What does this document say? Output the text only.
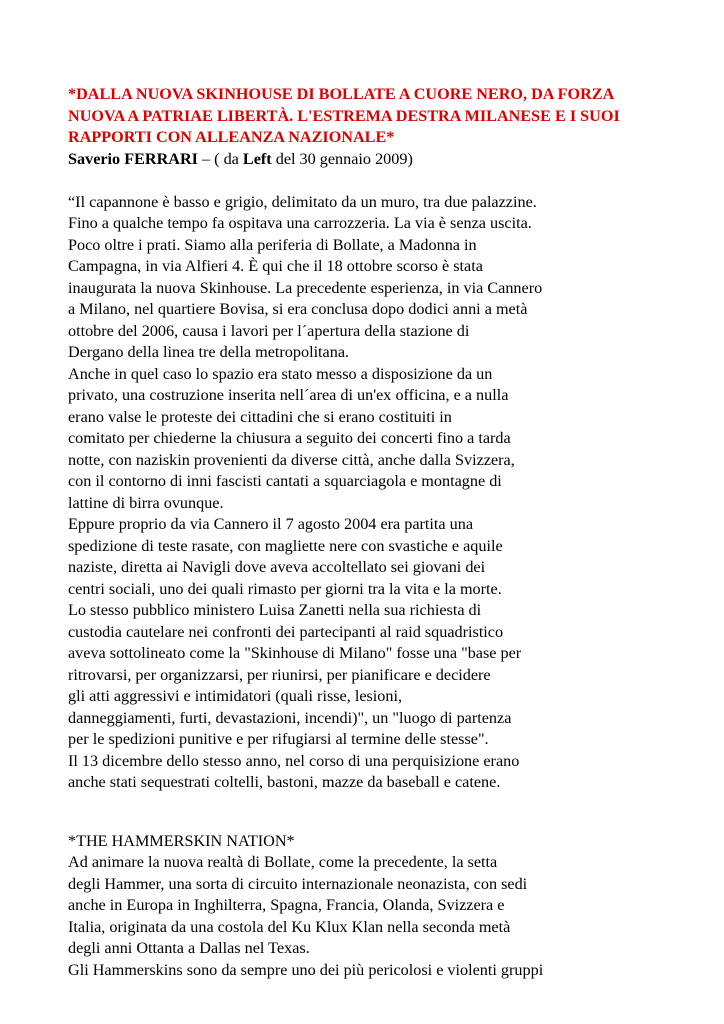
*DALLA NUOVA SKINHOUSE DI BOLLATE A CUORE NERO, DA FORZA
NUOVA A PATRIAE LIBERTÀ. L'ESTREMA DESTRA MILANESE E I SUOI
RAPPORTI CON ALLEANZA NAZIONALE*
Saverio FERRARI – ( da Left del 30 gennaio 2009)
“Il capannone è basso e grigio, delimitato da un muro, tra due palazzine.
Fino a qualche tempo fa ospitava una carrozzeria. La via è senza uscita.
Poco oltre i prati. Siamo alla periferia di Bollate, a Madonna in
Campagna, in via Alfieri 4. È qui che il 18 ottobre scorso è stata
inaugurata la nuova Skinhouse. La precedente esperienza, in via Cannero
a Milano, nel quartiere Bovisa, si era conclusa dopo dodici anni a metà
ottobre del 2006, causa i lavori per l´apertura della stazione di
Dergano della linea tre della metropolitana.
Anche in quel caso lo spazio era stato messo a disposizione da un
privato, una costruzione inserita nell´area di un'ex officina, e a nulla
erano valse le proteste dei cittadini che si erano costituiti in
comitato per chiederne la chiusura a seguito dei concerti fino a tarda
notte, con naziskin provenienti da diverse città, anche dalla Svizzera,
con il contorno di inni fascisti cantati a squarciagola e montagne di
lattine di birra ovunque.
Eppure proprio da via Cannero il 7 agosto 2004 era partita una
spedizione di teste rasate, con magliette nere con svastiche e aquile
naziste, diretta ai Navigli dove aveva accoltellato sei giovani dei
centri sociali, uno dei quali rimasto per giorni tra la vita e la morte.
Lo stesso pubblico ministero Luisa Zanetti nella sua richiesta di
custodia cautelare nei confronti dei partecipanti al raid squadristico
aveva sottolineato come la "Skinhouse di Milano" fosse una "base per
ritrovarsi, per organizzarsi, per riunirsi, per pianificare e decidere
gli atti aggressivi e intimidatori (quali risse, lesioni,
danneggiamenti, furti, devastazioni, incendi)", un "luogo di partenza
per le spedizioni punitive e per rifugiarsi al termine delle stesse".
Il 13 dicembre dello stesso anno, nel corso di una perquisizione erano
anche stati sequestrati coltelli, bastoni, mazze da baseball e catene.
*THE HAMMERSKIN NATION*
Ad animare la nuova realtà di Bollate, come la precedente, la setta
degli Hammer, una sorta di circuito internazionale neonazista, con sedi
anche in Europa in Inghilterra, Spagna, Francia, Olanda, Svizzera e
Italia, originata da una costola del Ku Klux Klan nella seconda metà
degli anni Ottanta a Dallas nel Texas.
Gli Hammerskins sono da sempre uno dei più pericolosi e violenti gruppi
